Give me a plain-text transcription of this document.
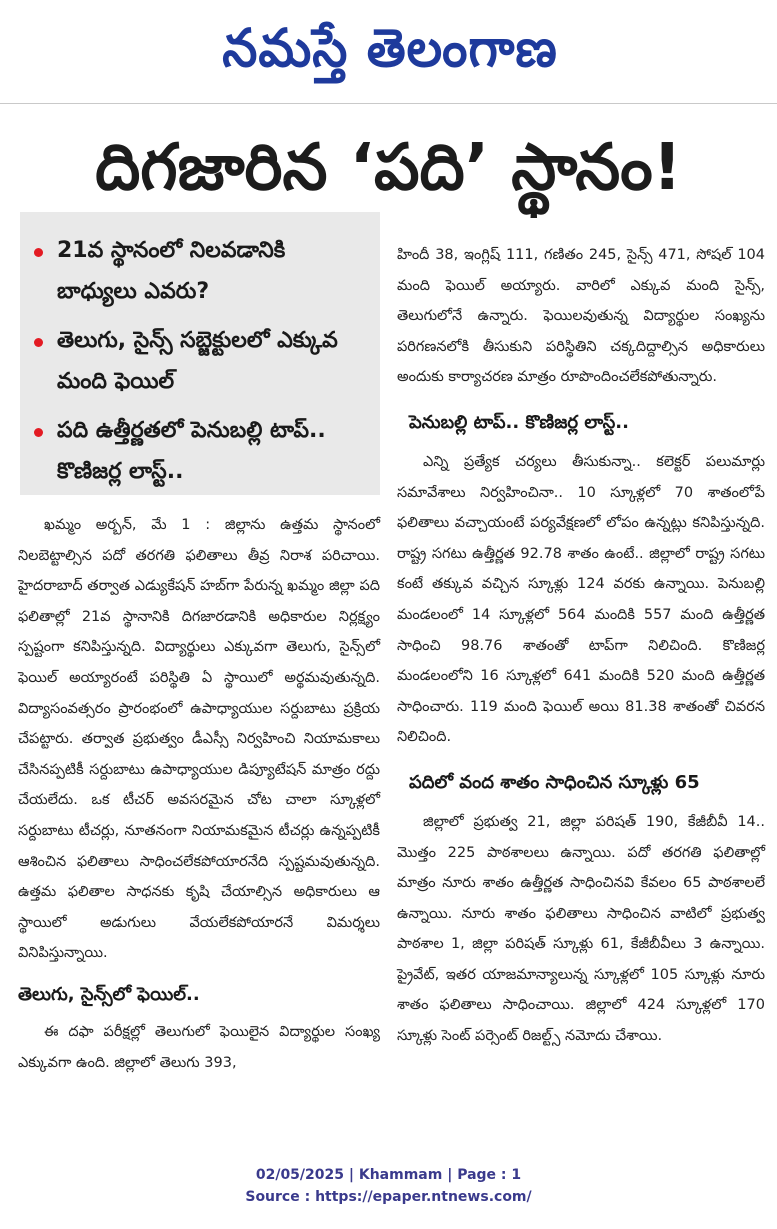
నమస్తే తెలంగాణ
దిగజారిన ‘పది’ స్థానం!
21వ స్థానంలో నిలవడానికి బాధ్యులు ఎవరు?
తెలుగు, సైన్స్ సబ్జెక్టులలో ఎక్కువ మంది ఫెయిల్
పది ఉత్తీర్ణతలో పెనుబల్లి టాప్.. కొణిజర్ల లాస్ట్..

ఖమ్మం అర్బన్, మే 1 : జిల్లాను ఉత్తమ స్థానంలో నిలబెట్టాల్సిన పదో తరగతి ఫలితాలు తీవ్ర నిరాశ పరిచాయి. హైదరాబాద్ తర్వాత ఎడ్యుకేషన్ హబ్‌గా పేరున్న ఖమ్మం జిల్లా పది ఫలితాల్లో 21వ స్థానానికి దిగజారడానికి అధికారుల నిర్లక్ష్యం స్పష్టంగా కనిపిస్తున్నది. విద్యార్థులు ఎక్కువగా తెలుగు, సైన్స్‌లో ఫెయిల్ అయ్యారంటే పరిస్థితి ఏ స్థాయిలో అర్థమవుతున్నది. విద్యాసంవత్సరం ప్రారంభంలో ఉపాధ్యాయుల సర్దుబాటు ప్రక్రియ చేపట్టారు. తర్వాత ప్రభుత్వం డీఎస్సీ నిర్వహించి నియామకాలు చేసినప్పటికీ సర్దుబాటు ఉపాధ్యాయుల డిప్యూటేషన్ మాత్రం రద్దు చేయలేదు. ఒక టీచర్ అవసరమైన చోట చాలా స్కూళ్లలో సర్దుబాటు టీచర్లు, నూతనంగా నియామకమైన టీచర్లు ఉన్నప్పటికీ ఆశించిన ఫలితాలు సాధించలేకపోయారనేది స్పష్టమవుతున్నది. ఉత్తమ ఫలితాల సాధనకు కృషి చేయాల్సిన అధికారులు ఆ స్థాయిలో అడుగులు వేయలేకపోయారనే విమర్శలు వినిపిస్తున్నాయి.

తెలుగు, సైన్స్‌లో ఫెయిల్..

ఈ దఫా పరీక్షల్లో తెలుగులో ఫెయిలైన విద్యార్థుల సంఖ్య ఎక్కువగా ఉంది. జిల్లాలో తెలుగు 393,

హిందీ 38, ఇంగ్లిష్ 111, గణితం 245, సైన్స్ 471, సోషల్ 104 మంది ఫెయిల్ అయ్యారు. వారిలో ఎక్కువ మంది సైన్స్, తెలుగులోనే ఉన్నారు. ఫెయిలవుతున్న విద్యార్థుల సంఖ్యను పరిగణనలోకి తీసుకుని పరిస్థితిని చక్కదిద్దాల్సిన అధికారులు అందుకు కార్యాచరణ మాత్రం రూపొందించలేకపోతున్నారు.

పెనుబల్లి టాప్.. కొణిజర్ల లాస్ట్..

ఎన్ని ప్రత్యేక చర్యలు తీసుకున్నా.. కలెక్టర్ పలుమార్లు సమావేశాలు నిర్వహించినా.. 10 స్కూళ్లలో 70 శాతంలోపే ఫలితాలు వచ్చాయంటే పర్యవేక్షణలో లోపం ఉన్నట్లు కనిపిస్తున్నది. రాష్ట్ర సగటు ఉత్తీర్ణత 92.78 శాతం ఉంటే.. జిల్లాలో రాష్ట్ర సగటు కంటే తక్కువ వచ్చిన స్కూళ్లు 124 వరకు ఉన్నాయి. పెనుబల్లి మండలంలో 14 స్కూళ్లలో 564 మందికి 557 మంది ఉత్తీర్ణత సాధించి 98.76 శాతంతో టాప్‌గా నిలిచింది. కొణిజర్ల మండలంలోని 16 స్కూళ్లలో 641 మందికి 520 మంది ఉత్తీర్ణత సాధించారు. 119 మంది ఫెయిల్ అయి 81.38 శాతంతో చివరన నిలిచింది.

పదిలో వంద శాతం సాధించిన స్కూళ్లు 65

జిల్లాలో ప్రభుత్వ 21, జిల్లా పరిషత్ 190, కేజీబీవీ 14.. మొత్తం 225 పాఠశాలలు ఉన్నాయి. పదో తరగతి ఫలితాల్లో మాత్రం నూరు శాతం ఉత్తీర్ణత సాధించినవి కేవలం 65 పాఠశాలలే ఉన్నాయి. నూరు శాతం ఫలితాలు సాధించిన వాటిలో ప్రభుత్వ పాఠశాల 1, జిల్లా పరిషత్ స్కూళ్లు 61, కేజీబీవీలు 3 ఉన్నాయి. ప్రైవేట్, ఇతర యాజమాన్యాలున్న స్కూళ్లలో 105 స్కూళ్లు నూరు శాతం ఫలితాలు సాధించాయి. జిల్లాలో 424 స్కూళ్లలో 170 స్కూళ్లు సెంట్ పర్సెంట్ రిజల్ట్స్ నమోదు చేశాయి.

02/05/2025 | Khammam | Page : 1
Source : https://epaper.ntnews.com/
